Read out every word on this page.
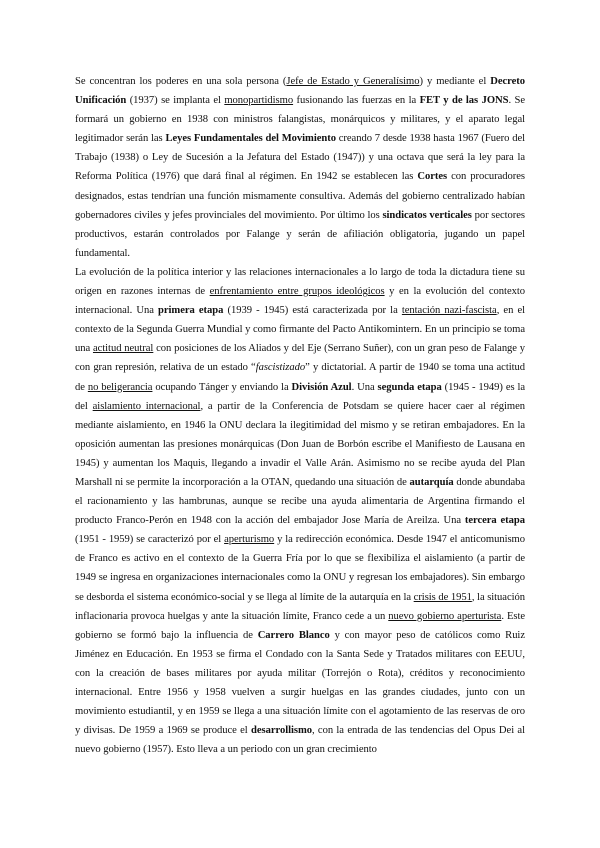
Se concentran los poderes en una sola persona (Jefe de Estado y Generalísimo) y mediante el Decreto Unificación (1937) se implanta el monopartidismo fusionando las fuerzas en la FET y de las JONS. Se formará un gobierno en 1938 con ministros falangistas, monárquicos y militares, y el aparato legal legitimador serán las Leyes Fundamentales del Movimiento creando 7 desde 1938 hasta 1967 (Fuero del Trabajo (1938) o Ley de Sucesión a la Jefatura del Estado (1947)) y una octava que será la ley para la Reforma Política (1976) que dará final al régimen. En 1942 se establecen las Cortes con procuradores designados, estas tendrían una función mismamente consultiva. Además del gobierno centralizado habían gobernadores civiles y jefes provinciales del movimiento. Por último los sindicatos verticales por sectores productivos, estarán controlados por Falange y serán de afiliación obligatoria, jugando un papel fundamental.

La evolución de la política interior y las relaciones internacionales a lo largo de toda la dictadura tiene su origen en razones internas de enfrentamiento entre grupos ideológicos y en la evolución del contexto internacional. Una primera etapa (1939 - 1945) está caracterizada por la tentación nazi-fascista, en el contexto de la Segunda Guerra Mundial y como firmante del Pacto Antikomintern. En un principio se toma una actitud neutral con posiciones de los Aliados y del Eje (Serrano Suñer), con un gran peso de Falange y con gran represión, relativa de un estado “fascistizado” y dictatorial. A partir de 1940 se toma una actitud de no beligerancia ocupando Tánger y enviando la División Azul. Una segunda etapa (1945 - 1949) es la del aislamiento internacional, a partir de la Conferencia de Potsdam se quiere hacer caer al régimen mediante aislamiento, en 1946 la ONU declara la ilegitimidad del mismo y se retiran embajadores. En la oposición aumentan las presiones monárquicas (Don Juan de Borbón escribe el Manifiesto de Lausana en 1945) y aumentan los Maquis, llegando a invadir el Valle Arán. Asimismo no se recibe ayuda del Plan Marshall ni se permite la incorporación a la OTAN, quedando una situación de autarquía donde abundaba el racionamiento y las hambrunas, aunque se recibe una ayuda alimentaria de Argentina firmando el producto Franco-Perón en 1948 con la acción del embajador Jose María de Areilza. Una tercera etapa (1951 - 1959) se caracterizó por el aperturismo y la redirección económica. Desde 1947 el anticomunismo de Franco es activo en el contexto de la Guerra Fría por lo que se flexibiliza el aislamiento (a partir de 1949 se ingresa en organizaciones internacionales como la ONU y regresan los embajadores). Sin embargo se desborda el sistema económico-social y se llega al límite de la autarquía en la crisis de 1951, la situación inflacionaria provoca huelgas y ante la situación límite, Franco cede a un nuevo gobierno aperturista. Este gobierno se formó bajo la influencia de Carrero Blanco y con mayor peso de católicos como Ruiz Jiménez en Educación. En 1953 se firma el Condado con la Santa Sede y Tratados militares con EEUU, con la creación de bases militares por ayuda militar (Torrejón o Rota), créditos y reconocimiento internacional. Entre 1956 y 1958 vuelven a surgir huelgas en las grandes ciudades, junto con un movimiento estudiantil, y en 1959 se llega a una situación límite con el agotamiento de las reservas de oro y divisas. De 1959 a 1969 se produce el desarrollismo, con la entrada de las tendencias del Opus Dei al nuevo gobierno (1957). Esto lleva a un periodo con un gran crecimiento
